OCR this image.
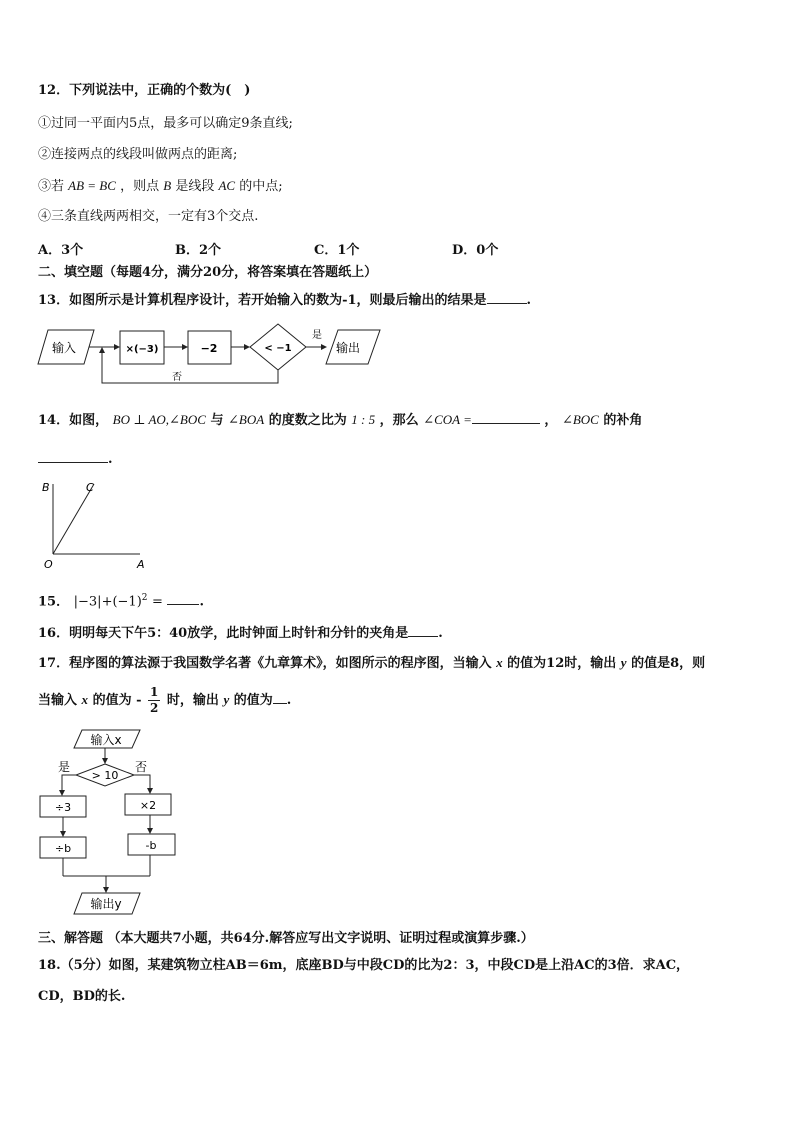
12．下列说法中，正确的个数为(　)
①过同一平面内5点，最多可以确定9条直线;
②连接两点的线段叫做两点的距离;
③若 AB = BC ，则点 B 是线段 AC 的中点;
④三条直线两两相交，一定有3个交点.
A．3个	B．2个	C．1个	D．0个
二、填空题（每题4分，满分20分，将答案填在答题纸上）
13．如图所示是计算机程序设计，若开始输入的数为-1，则最后输出的结果是	.
输入	×(−3)	−2	< −1
是
输出
否
14．如图， BO ⊥ AO,∠BOC 与 ∠BOA 的度数之比为 1 : 5 ，那么 ∠COA =	， ∠BOC 的补角
.
B	C
O	A
15． $|-3|+(-1)^2$ =	.
16．明明每天下午5：40放学，此时钟面上时针和分针的夹角是 .
17．程序图的算法源于我国数学名著《九章算术》，如图所示的程序图，当输入 x 的值为12时，输出 y 的值是8，则
当输入 x 的值为 - $\frac{1}{2}$ 时，输出 y 的值为 .
输入x
> 10
是	否
÷3
÷b
×2
-b
输出y
三、解答题 （本大题共7小题，共64分.解答应写出文字说明、证明过程或演算步骤.）
18.（5分）如图，某建筑物立柱AB＝6m，底座BD与中段CD的比为2：3，中段CD是上沿AC的3倍．求AC，
CD，BD的长.
